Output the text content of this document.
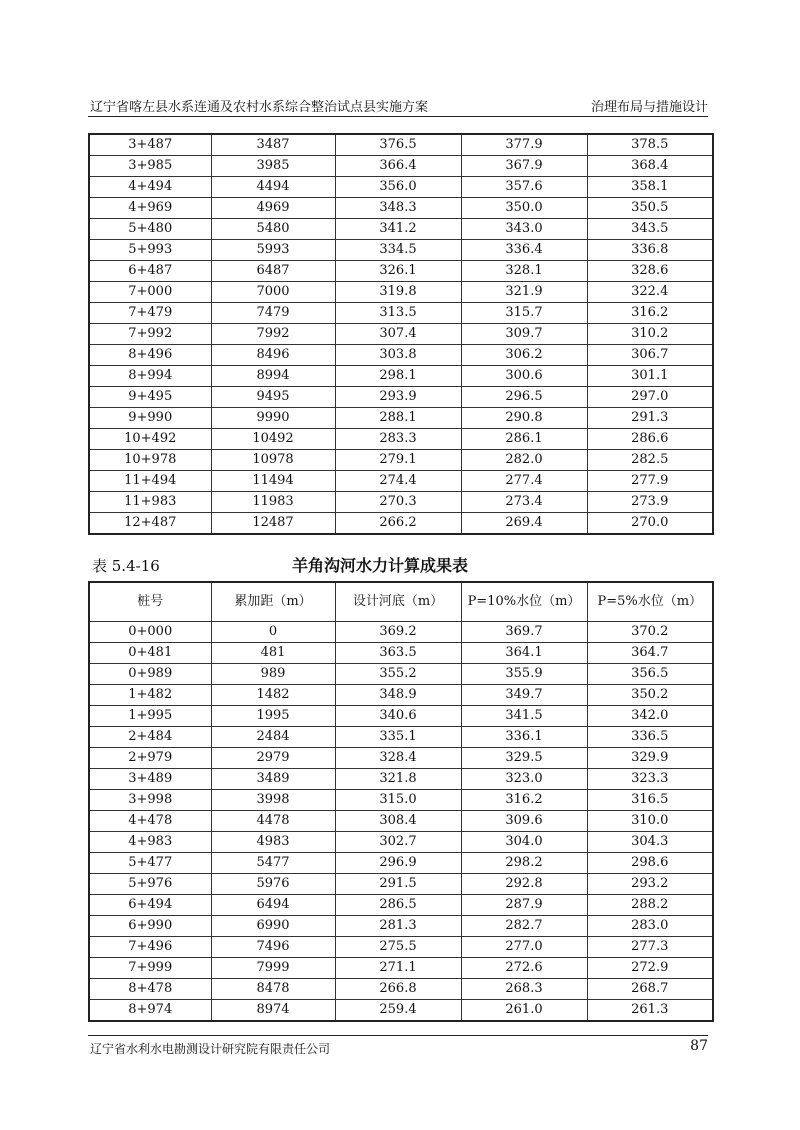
辽宁省喀左县水系连通及农村水系综合整治试点县实施方案	治理布局与措施设计
3+487	3487	376.5	377.9	378.5
3+985	3985	366.4	367.9	368.4
4+494	4494	356.0	357.6	358.1
4+969	4969	348.3	350.0	350.5
5+480	5480	341.2	343.0	343.5
5+993	5993	334.5	336.4	336.8
6+487	6487	326.1	328.1	328.6
7+000	7000	319.8	321.9	322.4
7+479	7479	313.5	315.7	316.2
7+992	7992	307.4	309.7	310.2
8+496	8496	303.8	306.2	306.7
8+994	8994	298.1	300.6	301.1
9+495	9495	293.9	296.5	297.0
9+990	9990	288.1	290.8	291.3
10+492	10492	283.3	286.1	286.6
10+978	10978	279.1	282.0	282.5
11+494	11494	274.4	277.4	277.9
11+983	11983	270.3	273.4	273.9
12+487	12487	266.2	269.4	270.0
表 5.4-16	羊角沟河水力计算成果表
桩号	累加距（m）	设计河底（m）	P=10%水位（m）	P=5%水位（m）
0+000	0	369.2	369.7	370.2
0+481	481	363.5	364.1	364.7
0+989	989	355.2	355.9	356.5
1+482	1482	348.9	349.7	350.2
1+995	1995	340.6	341.5	342.0
2+484	2484	335.1	336.1	336.5
2+979	2979	328.4	329.5	329.9
3+489	3489	321.8	323.0	323.3
3+998	3998	315.0	316.2	316.5
4+478	4478	308.4	309.6	310.0
4+983	4983	302.7	304.0	304.3
5+477	5477	296.9	298.2	298.6
5+976	5976	291.5	292.8	293.2
6+494	6494	286.5	287.9	288.2
6+990	6990	281.3	282.7	283.0
7+496	7496	275.5	277.0	277.3
7+999	7999	271.1	272.6	272.9
8+478	8478	266.8	268.3	268.7
8+974	8974	259.4	261.0	261.3
辽宁省水利水电勘测设计研究院有限责任公司	87
